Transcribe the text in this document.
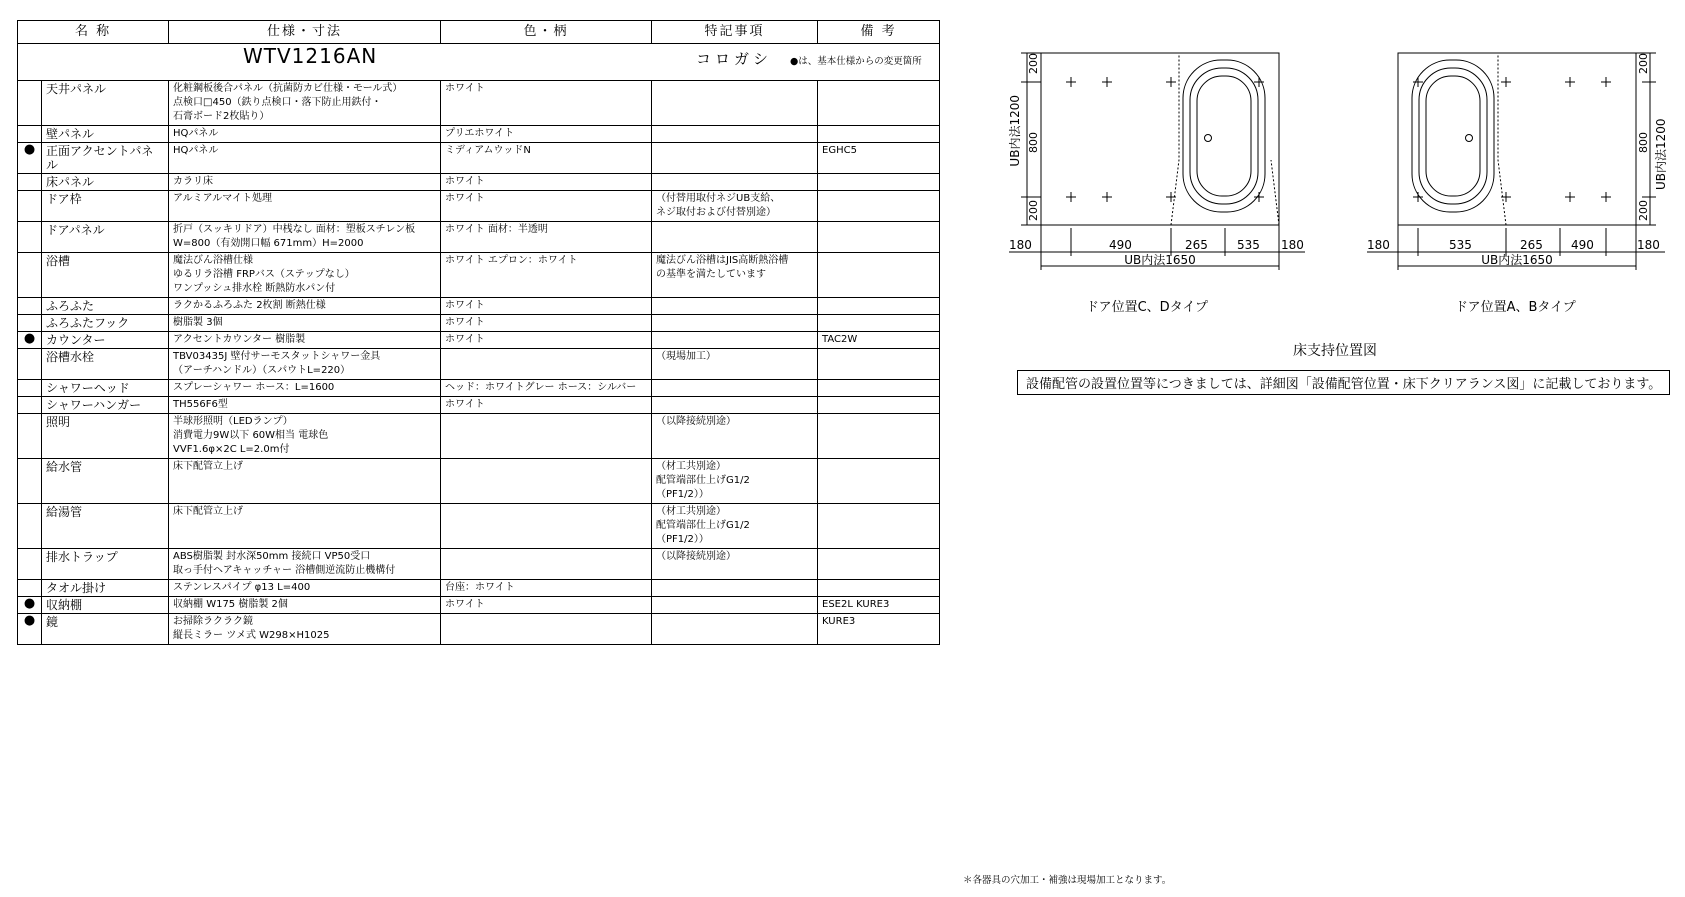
WTV1216AN コロガシ ●は、基本仕様からの変更箇所					

名 称		仕様・寸法	色・柄	特記事項	備 考
	天井パネル	化粧鋼板後合パネル（抗菌防カビ仕様・モール式）
点検口□450（鉄り点検口・落下防止用鉄付・
石膏ボード2枚貼り）	ホワイト		
	壁パネル	HQパネル	プリエホワイト		
●	正面アクセントパネル	HQパネル	ミディアムウッドN		EGHC5
	床パネル	カラリ床	ホワイト		
	ドア枠	アルミアルマイト処理	ホワイト	（付替用取付ネジUB支給、
ネジ取付および付替別途）	
	ドアパネル	折戸（スッキリドア）中桟なし 面材：塑板スチレン板
W=800（有効開口幅 671mm）H=2000	ホワイト 面材：半透明		
	浴槽	魔法びん浴槽仕様
ゆるリラ浴槽 FRPバス（ステップなし）
ワンプッシュ排水栓 断熱防水パン付	ホワイト エプロン：ホワイト	魔法びん浴槽はJIS高断熱浴槽
の基準を満たしています	
	ふろふた	ラクかるふろふた 2枚割 断熱仕様	ホワイト		
	ふろふたフック	樹脂製 3個	ホワイト		
●	カウンター	アクセントカウンター 樹脂製	ホワイト		TAC2W
	浴槽水栓	TBV03435J 壁付サーモスタットシャワー金具
（アーチハンドル）（スパウトL=220）		（現場加工）	
	シャワーヘッド	スプレーシャワー ホース：L=1600	ヘッド：ホワイトグレー ホース：シルバー		
	シャワーハンガー	TH556F6型	ホワイト		
	照明	半球形照明（LEDランプ）
消費電力9W以下 60W相当 電球色
VVF1.6φ×2C L=2.0m付		（以降接続別途）	
	給水管	床下配管立上げ		（材工共別途）
配管端部仕上げG1/2
（PF1/2））	
	給湯管	床下配管立上げ		（材工共別途）
配管端部仕上げG1/2
（PF1/2））	
	排水トラップ	ABS樹脂製 封水深50mm 接続口 VP50受口
取っ手付ヘアキャッチャー 浴槽側逆流防止機構付		（以降接続別途）	
	タオル掛け	ステンレスパイプ φ13 L=400	台座：ホワイト		
●	収納棚	収納棚 W175 樹脂製 2個	ホワイト		ESE2L KURE3
●	鏡	お掃除ラクラク鏡
縦長ミラー ツメ式 W298×H1025			KURE3
UB内法1200
200
800
200
180	490	265 535 180
UB内法1650
UB内法1200
200
800
200
180	535	265 490	180
UB内法1650
ドア位置C、Dタイプ	ドア位置A、Bタイプ
床支持位置図
設備配管の設置位置等につきましては、詳細図「設備配管位置・床下クリアランス図」に記載しております。
＊各器具の穴加工・補強は現場加工となります。
